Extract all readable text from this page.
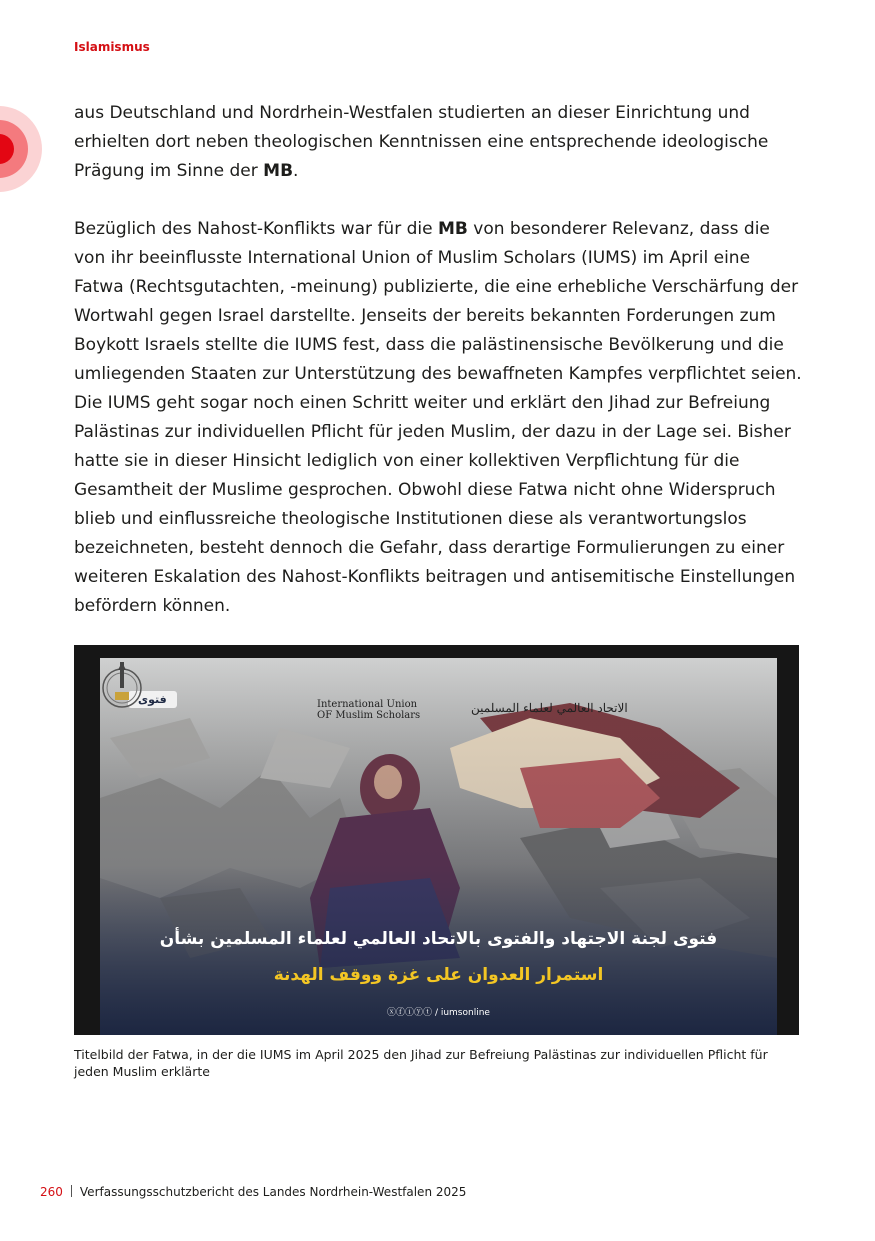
Islamismus

aus Deutschland und Nordrhein-Westfalen studierten an dieser Einrichtung und erhielten dort neben theologischen Kenntnissen eine entsprechende ideologische Prägung im Sinne der MB.

Bezüglich des Nahost-Konflikts war für die MB von besonderer Relevanz, dass die von ihr beeinflusste International Union of Muslim Scholars (IUMS) im April eine Fatwa (Rechtsgutachten, -meinung) publizierte, die eine erhebliche Verschärfung der Wortwahl gegen Israel darstellte. Jenseits der bereits bekannten Forderungen zum Boykott Israels stellte die IUMS fest, dass die palästinensische Bevölkerung und die umliegenden Staaten zur Unterstützung des bewaffneten Kampfes verpflichtet seien. Die IUMS geht sogar noch einen Schritt weiter und erklärt den Jihad zur Befreiung Palästinas zur individuellen Pflicht für jeden Muslim, der dazu in der Lage sei. Bisher hatte sie in dieser Hinsicht lediglich von einer kollektiven Verpflichtung für die Gesamtheit der Muslime gesprochen. Obwohl diese Fatwa nicht ohne Widerspruch blieb und einflussreiche theologische Institutionen diese als verantwortungslos bezeichneten, besteht dennoch die Gefahr, dass derartige Formulierungen zu einer weiteren Eskalation des Nahost-Konflikts beitragen und antisemitische Einstellungen befördern können.

فتوى	International Union
OF Muslim Scholars
الاتحاد العالمي لعلماء المسلمين
فتوى لجنة الاجتهاد والفتوى بالاتحاد العالمي لعلماء المسلمين بشأن
استمرار العدوان على غزة ووقف الهدنة
ⓧⓕⓘⓨⓣ / iumsonline

Titelbild der Fatwa, in der die IUMS im April 2025 den Jihad zur Befreiung Palästinas zur individuellen Pflicht für jeden Muslim erklärte

260 Verfassungsschutzbericht des Landes Nordrhein-Westfalen 2025
